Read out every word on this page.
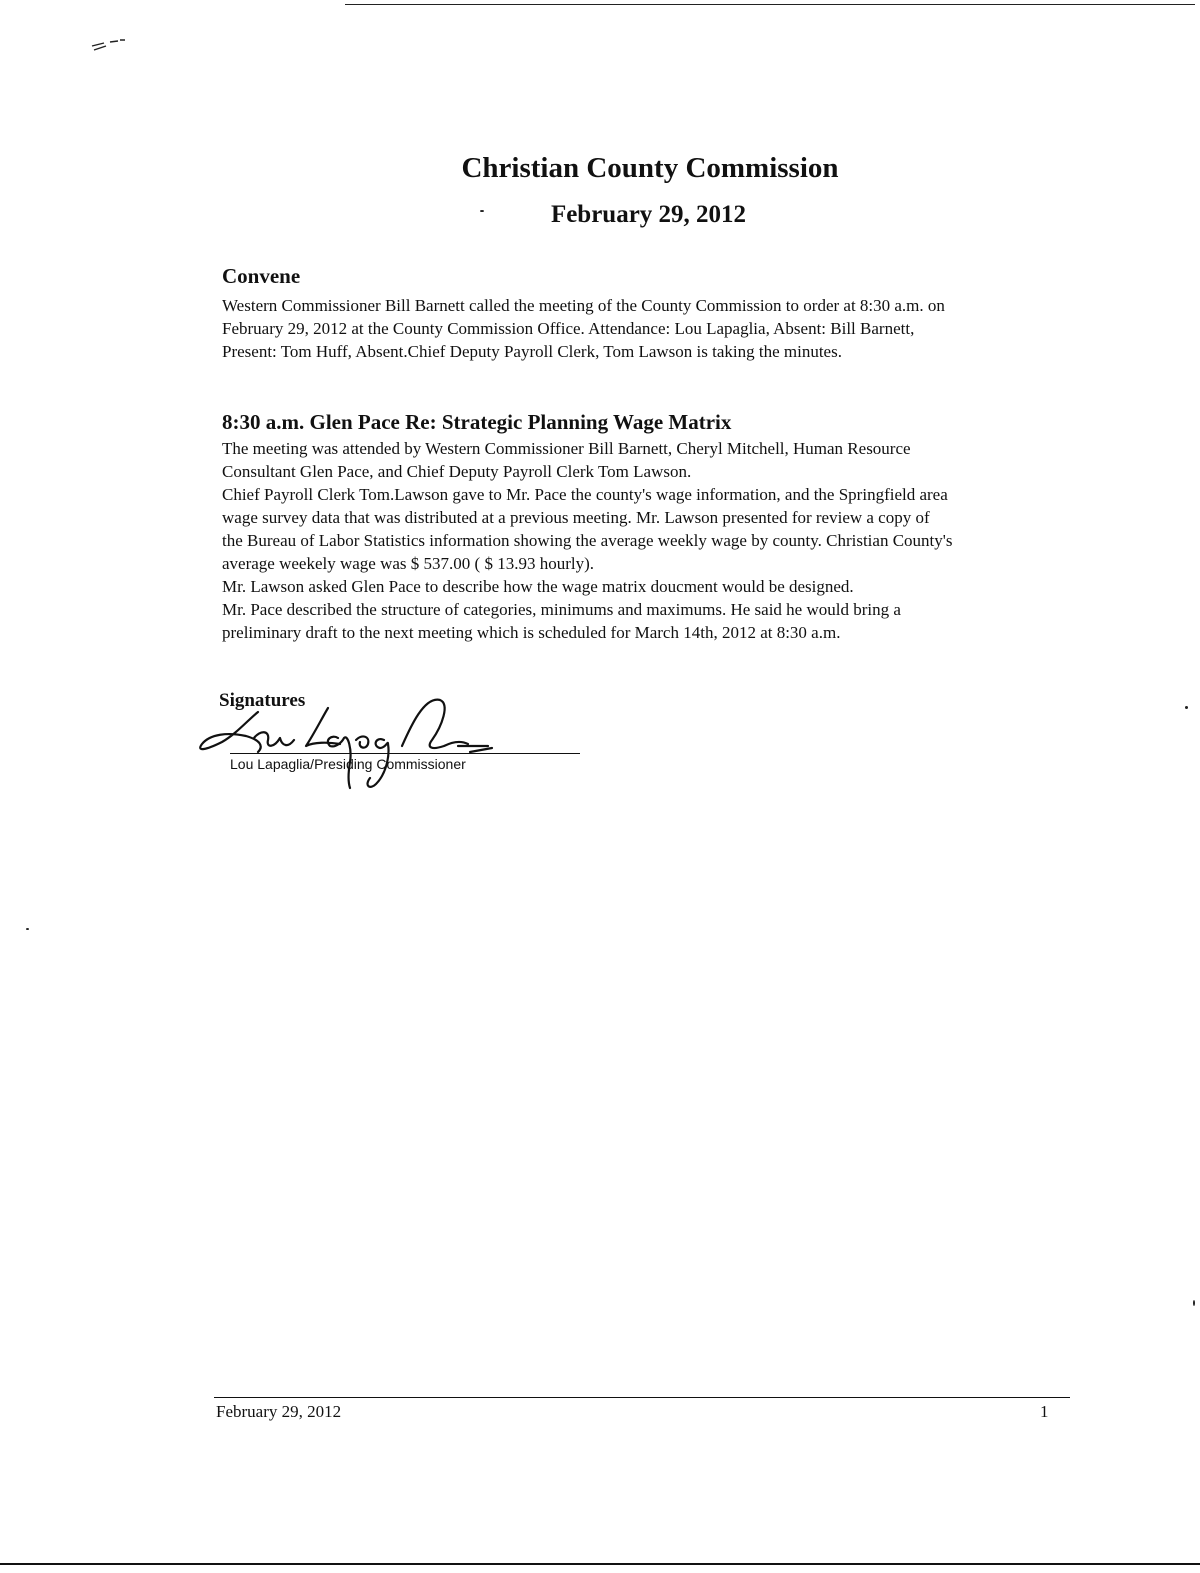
Christian County Commission
February 29, 2012
Convene

Western Commissioner Bill Barnett called the meeting of the County Commission to order at 8:30 a.m. on

February 29, 2012 at the County Commission Office. Attendance: Lou Lapaglia, Absent: Bill Barnett,

Present: Tom Huff, Absent.Chief Deputy Payroll Clerk, Tom Lawson is taking the minutes.

8:30 a.m. Glen Pace Re: Strategic Planning Wage Matrix

The meeting was attended by Western Commissioner Bill Barnett, Cheryl Mitchell, Human Resource

Consultant Glen Pace, and Chief Deputy Payroll Clerk Tom Lawson.

Chief Payroll Clerk Tom.Lawson gave to Mr. Pace the county's wage information, and the Springfield area

wage survey data that was distributed at a previous meeting. Mr. Lawson presented for review a copy of

the Bureau of Labor Statistics information showing the average weekly wage by county. Christian County's

average weekely wage was $ 537.00 ( $ 13.93 hourly).

Mr. Lawson asked Glen Pace to describe how the wage matrix doucment would be designed.

Mr. Pace described the structure of categories, minimums and maximums. He said he would bring a

preliminary draft to the next meeting which is scheduled for March 14th, 2012 at 8:30 a.m.

Signatures
Lou Lapaglia/Presiding Commissioner
February 29, 2012	1
